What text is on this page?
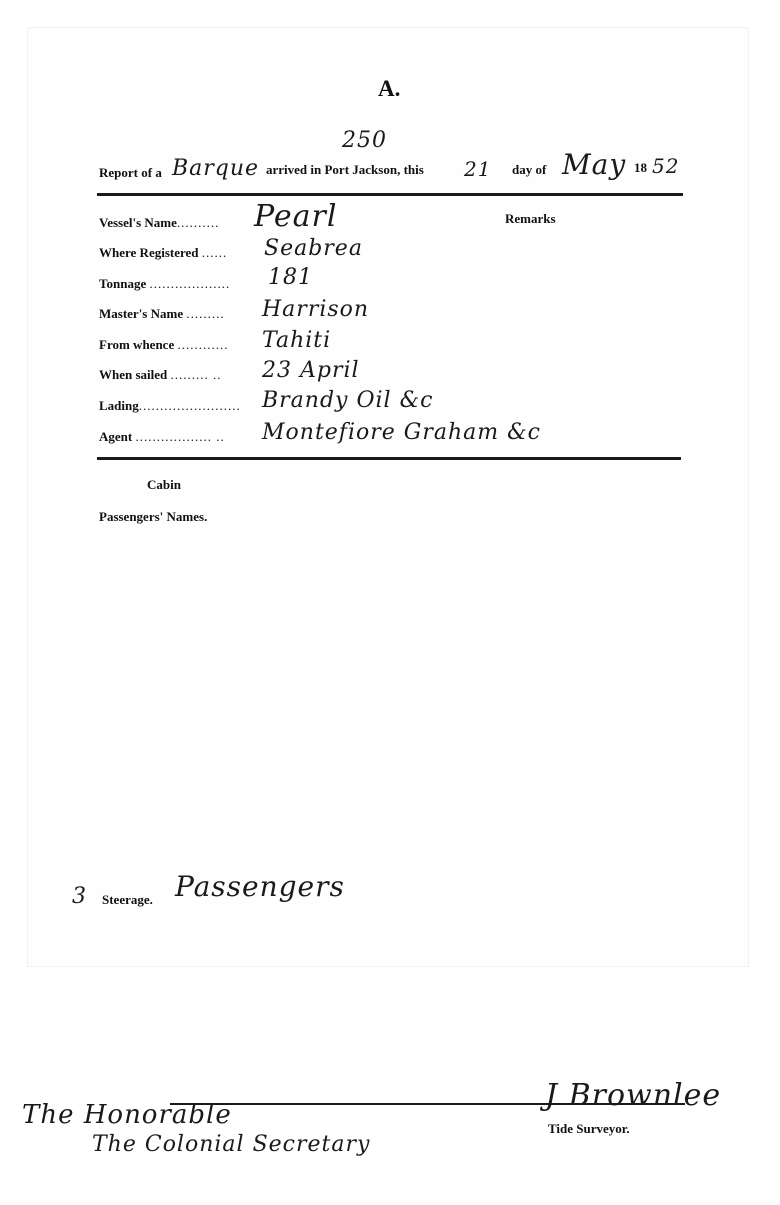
A.
250
Report of a Barque arrived in Port Jackson, this 21 day of May 18 52
Remarks
Vessel's Name.......... Pearl
Where Registered ...... Seabrea
Tonnage ................... 181
Master's Name ......... Harrison
From whence ............ Tahiti
When sailed ......... .. 23 April
Lading........................ Brandy Oil &c
Agent .................. .. Montefiore Graham &c
Cabin
Passengers' Names.
3 Steerage. Passengers
The Honorable
The Colonial Secretary
J Brownlee
Tide Surveyor.
